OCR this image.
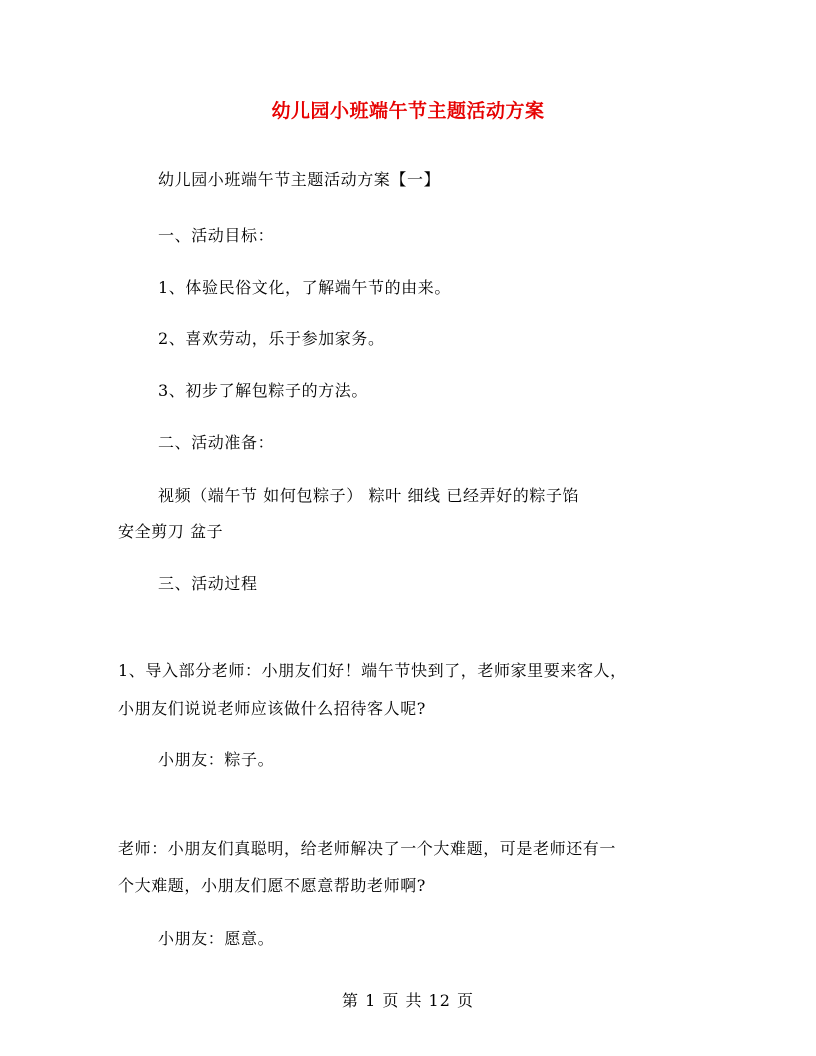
幼儿园小班端午节主题活动方案
幼儿园小班端午节主题活动方案【一】
一、活动目标：
1、体验民俗文化，了解端午节的由来。
2、喜欢劳动，乐于参加家务。
3、初步了解包粽子的方法。
二、活动准备：
视频（端午节 如何包粽子） 粽叶 细线 已经弄好的粽子馅
安全剪刀 盆子
三、活动过程
1、导入部分老师：小朋友们好！端午节快到了，老师家里要来客人，
小朋友们说说老师应该做什么招待客人呢?
小朋友：粽子。
老师：小朋友们真聪明，给老师解决了一个大难题，可是老师还有一
个大难题，小朋友们愿不愿意帮助老师啊?
小朋友：愿意。
第 1 页 共 12 页
